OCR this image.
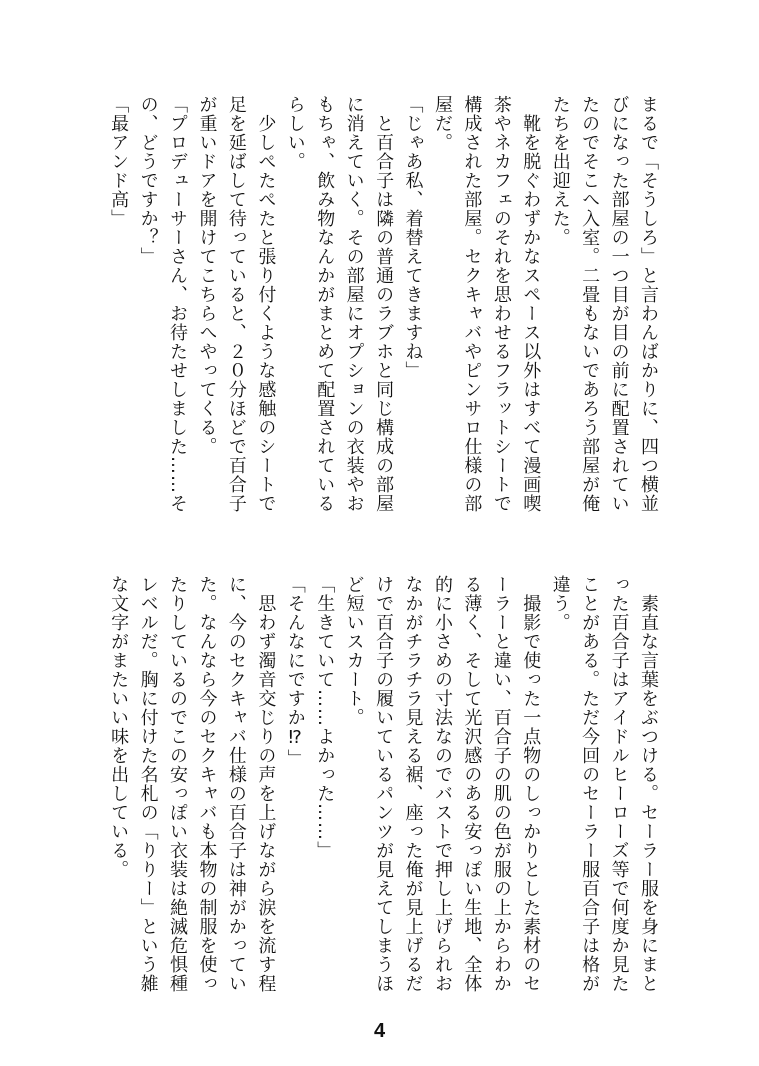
まるで「そうしろ」と言わんばかりに、四つ横並
びになった部屋の一つ目が目の前に配置されてい
たのでそこへ入室。二畳もないであろう部屋が俺
たちを出迎えた。
　靴を脱ぐわずかなスペース以外はすべて漫画喫
茶やネカフェのそれを思わせるフラットシートで
構成された部屋。セクキャバやピンサロ仕様の部
屋だ。
「じゃあ私、着替えてきますね」
　と百合子は隣の普通のラブホと同じ構成の部屋
に消えていく。その部屋にオプションの衣装やお
もちゃ、飲み物なんかがまとめて配置されている
らしい。
　少しぺたぺたと張り付くような感触のシートで
足を延ばして待っていると、２０分ほどで百合子
が重いドアを開けてこちらへやってくる。
「プロデューサーさん、お待たせしました……そ
の、どうですか？」
「最アンド高」
　素直な言葉をぶつける。セーラー服を身にまと
った百合子はアイドルヒーローズ等で何度か見た
ことがある。ただ今回のセーラー服百合子は格が
違う。
　撮影で使った一点物のしっかりとした素材のセ
ーラーと違い、百合子の肌の色が服の上からわか
る薄く、そして光沢感のある安っぽい生地、全体
的に小さめの寸法なのでバストで押し上げられお
なかがチラチラ見える裾、座った俺が見上げるだ
けで百合子の履いているパンツが見えてしまうほ
ど短いスカート。
「生きていて……よかった……」
「そんなにですか⁉」
　思わず濁音交じりの声を上げながら涙を流す程
に、今のセクキャバ仕様の百合子は神がかってい
た。なんなら今のセクキャバも本物の制服を使っ
たりしているのでこの安っぽい衣装は絶滅危惧種
レベルだ。胸に付けた名札の「りりー」という雑
な文字がまたいい味を出している。
4
